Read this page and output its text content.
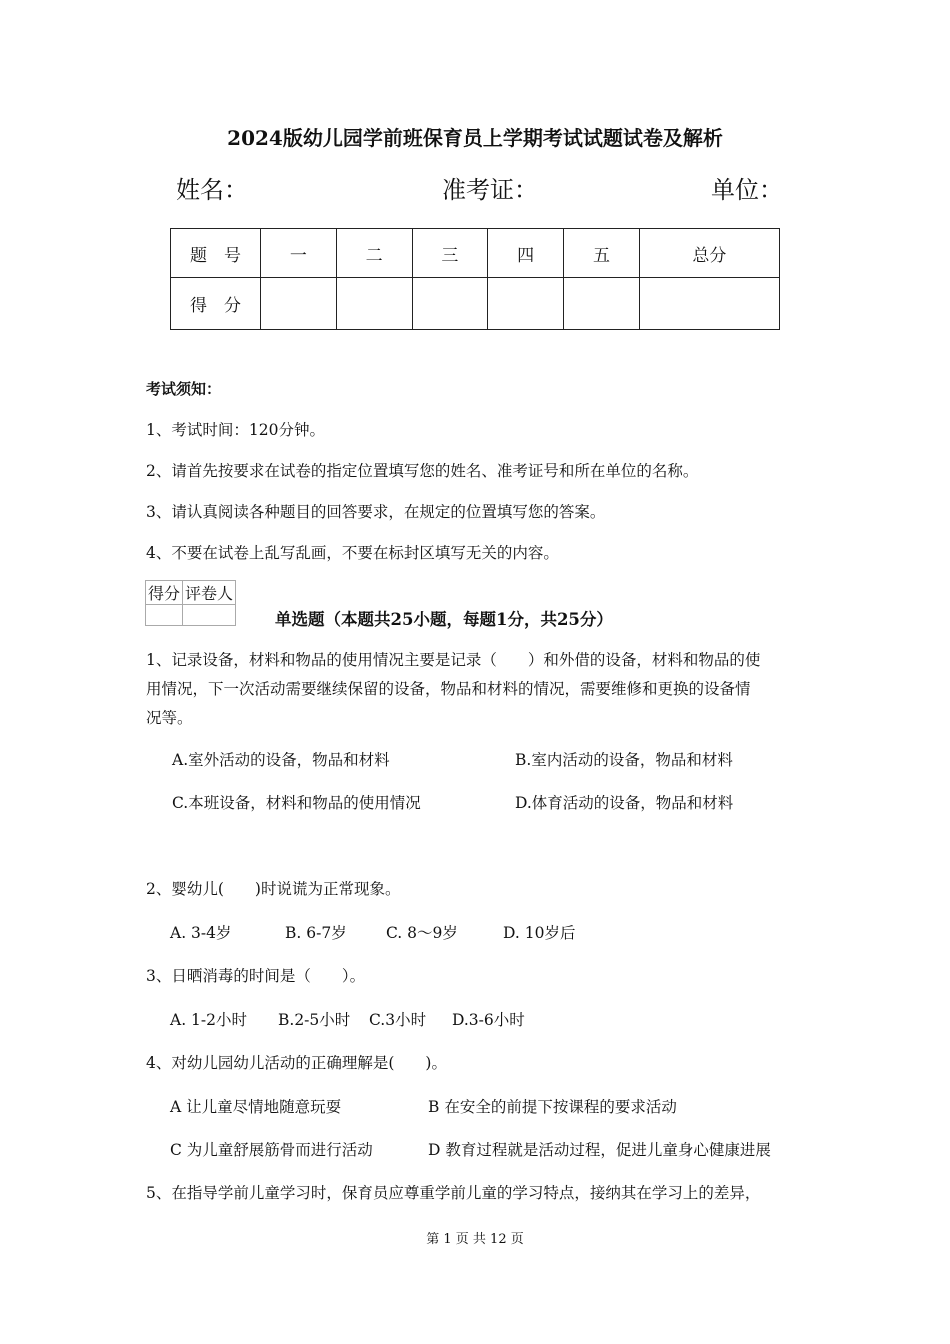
2024版幼儿园学前班保育员上学期考试试题试卷及解析
姓名：	准考证：	单位：
题　号	一	二	三	四	五	总分
得　分						
考试须知：
1、考试时间：120分钟。
2、请首先按要求在试卷的指定位置填写您的姓名、准考证号和所在单位的名称。
3、请认真阅读各种题目的回答要求，在规定的位置填写您的答案。
4、不要在试卷上乱写乱画，不要在标封区填写无关的内容。
得分	评卷人

单选题（本题共25小题，每题1分，共25分）
1、记录设备，材料和物品的使用情况主要是记录（　　）和外借的设备，材料和物品的使
用情况，下一次活动需要继续保留的设备，物品和材料的情况，需要维修和更换的设备情
况等。
A.室外活动的设备，物品和材料	B.室内活动的设备，物品和材料
C.本班设备，材料和物品的使用情况	D.体育活动的设备，物品和材料
2、婴幼儿(　　)时说谎为正常现象。
A. 3-4岁	B. 6-7岁	C. 8～9岁	D. 10岁后
3、日晒消毒的时间是（　　）。
A. 1-2小时 B.2-5小时 C.3小时 D.3-6小时
4、对幼儿园幼儿活动的正确理解是(　　)。
A 让儿童尽情地随意玩耍	B 在安全的前提下按课程的要求活动
C 为儿童舒展筋骨而进行活动	D 教育过程就是活动过程，促进儿童身心健康进展
5、在指导学前儿童学习时，保育员应尊重学前儿童的学习特点，接纳其在学习上的差异，
第 1 页 共 12 页
